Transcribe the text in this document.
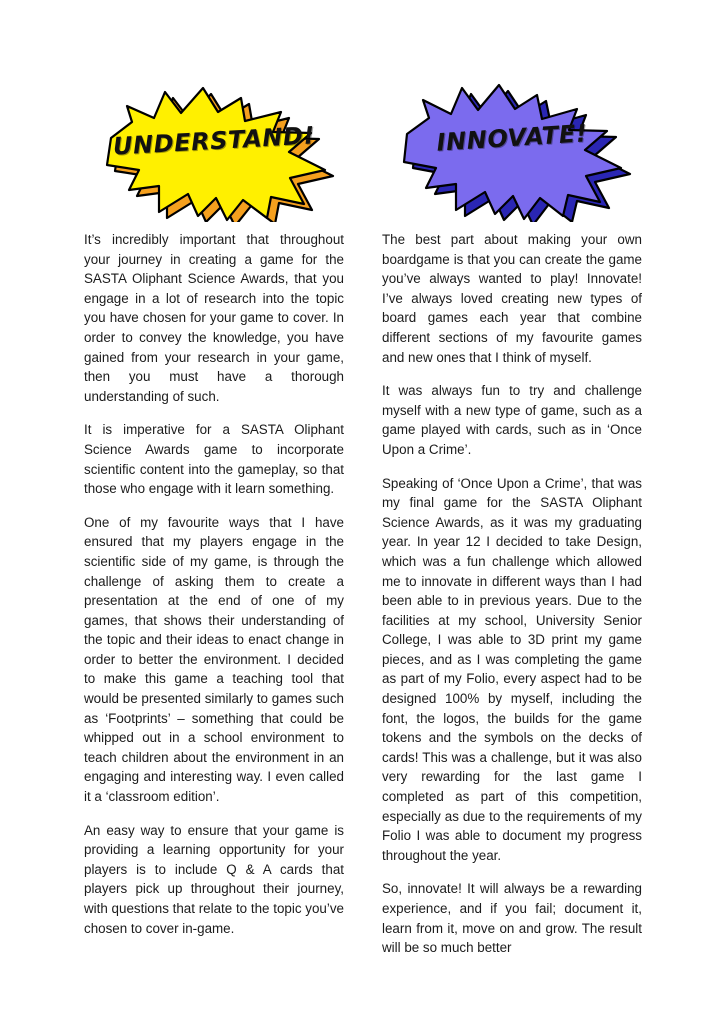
UNDERSTAND!

It’s incredibly important that throughout your journey in creating a game for the SASTA Oliphant Science Awards, that you engage in a lot of research into the topic you have chosen for your game to cover. In order to convey the knowledge, you have gained from your research in your game, then you must have a thorough understanding of such.

It is imperative for a SASTA Oliphant Science Awards game to incorporate scientific content into the gameplay, so that those who engage with it learn something.

One of my favourite ways that I have ensured that my players engage in the scientific side of my game, is through the challenge of asking them to create a presentation at the end of one of my games, that shows their understanding of the topic and their ideas to enact change in order to better the environment. I decided to make this game a teaching tool that would be presented similarly to games such as ‘Footprints’ – something that could be whipped out in a school environment to teach children about the environment in an engaging and interesting way. I even called it a ‘classroom edition’.

An easy way to ensure that your game is providing a learning opportunity for your players is to include Q & A cards that players pick up throughout their journey, with questions that relate to the topic you’ve chosen to cover in-game.

INNOVATE!

The best part about making your own boardgame is that you can create the game you’ve always wanted to play! Innovate! I’ve always loved creating new types of board games each year that combine different sections of my favourite games and new ones that I think of myself.

It was always fun to try and challenge myself with a new type of game, such as a game played with cards, such as in ‘Once Upon a Crime’.

Speaking of ‘Once Upon a Crime’, that was my final game for the SASTA Oliphant Science Awards, as it was my graduating year. In year 12 I decided to take Design, which was a fun challenge which allowed me to innovate in different ways than I had been able to in previous years. Due to the facilities at my school, University Senior College, I was able to 3D print my game pieces, and as I was completing the game as part of my Folio, every aspect had to be designed 100% by myself, including the font, the logos, the builds for the game tokens and the symbols on the decks of cards! This was a challenge, but it was also very rewarding for the last game I completed as part of this competition, especially as due to the requirements of my Folio I was able to document my progress throughout the year.

So, innovate! It will always be a rewarding experience, and if you fail; document it, learn from it, move on and grow. The result will be so much better
